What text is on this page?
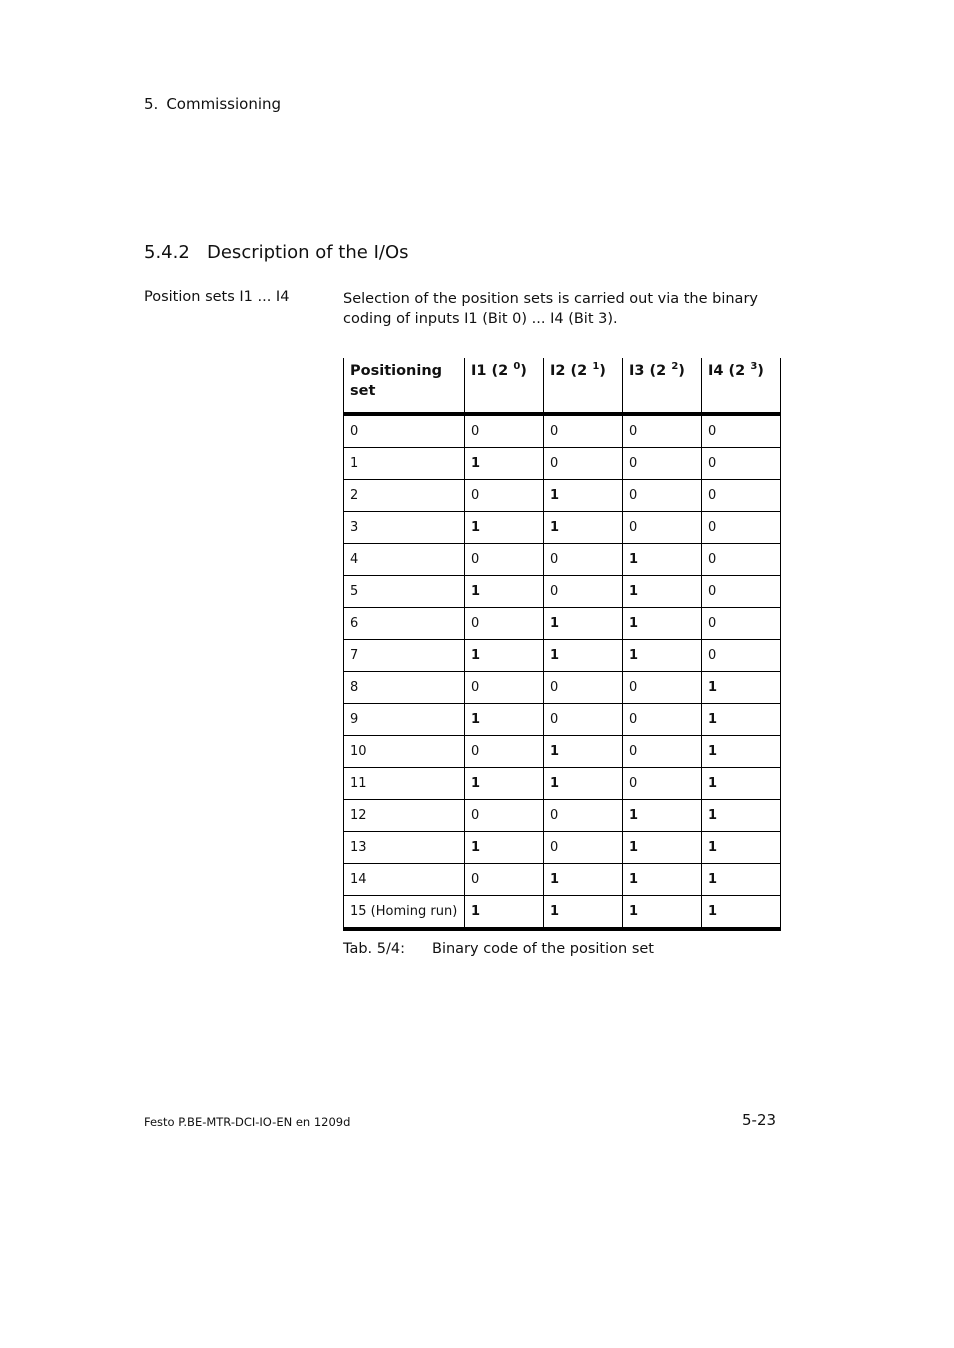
5. Commissioning
5.4.2 Description of the I/Os
Position sets I1 ... I4	Selection of the position sets is carried out via the binary coding of inputs I1 (Bit 0) ... I4 (Bit 3).
Positioning set	I1 (2 $^0$)	I2 (2 $^1$)	I3 (2 $^2$)	I4 (2 $^3$)
0	0	0	0	0
1	1	0	0	0
2	0	1	0	0
3	1	1	0	0
4	0	0	1	0
5	1	0	1	0
6	0	1	1	0
7	1	1	1	0
8	0	0	0	1
9	1	0	0	1
10	0	1	0	1
11	1	1	0	1
12	0	0	1	1
13	1	0	1	1
14	0	1	1	1
15 (Homing run)	1	1	1	1
Tab. 5/4: Binary code of the position set
Festo P.BE-MTR-DCI-IO-EN en 1209d	5-23
